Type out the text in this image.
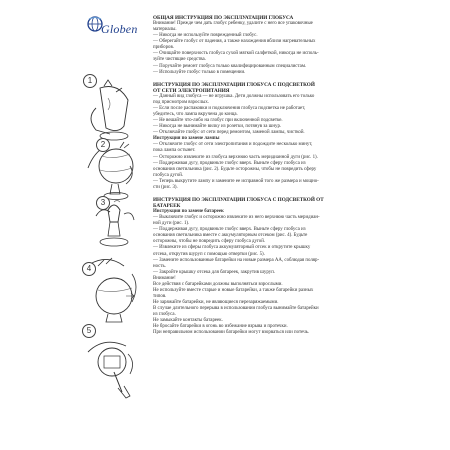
Globen
1
2
3
4
5

ОБЩАЯ ИНСТРУКЦИЯ ПО ЭКСПЛУАТАЦИИ ГЛОБУСА

Внимание! Прежде чем дать глобус ребенку, удалите с него все упаковочные

материалы.

— Никогда не используйте поврежденный глобус.

— Оберегайте глобус от падения, а также нахождения вблизи нагревательных

приборов.

— Очищайте поверхность глобуса сухой мягкой салфеткой, никогда не исполь-

зуйте чистящие средства.

— Поручайте ремонт глобуса только квалифицированным специалистам.

— Используйте глобус только в помещении.

ИНСТРУКЦИЯ ПО ЭКСПЛУАТАЦИИ ГЛОБУСА С ПОДСВЕТКОЙ

ОТ СЕТИ ЭЛЕКТРОПИТАНИЯ

— Данный вид глобуса — не игрушка. Дети должны использовать его только

под присмотром взрослых.

— Если после распаковки и подключения глобуса подсветка не работает,

убедитесь, что лампа вкручена до конца.

— Не вешайте что-либо на глобус при включенной подсветке.

— Никогда не вынимайте вилку из розетки, потянув за шнур.

— Отключайте глобус от сети перед ремонтом, заменой лампы, чисткой.

Инструкция по замене лампы

— Отключите глобус от сети электропитания и подождите несколько минут,

пока лампа остынет.

— Осторожно извлеките из глобуса верхнюю часть меридианной дуги (рис. 1).

— Поддерживая дугу, продвиньте глобус вверх. Выньте сферу глобуса из

основания светильника (рис. 2). Будьте осторожны, чтобы не повредить сферу

глобуса дугой.

— Теперь выкрутите лампу и замените ее исправной того же размера и мощно-

сти (рис. 3).

ИНСТРУКЦИЯ ПО ЭКСПЛУАТАЦИИ ГЛОБУСА С ПОДСВЕТКОЙ ОТ

БАТАРЕЕК

Инструкция по замене батареек

— Выключите глобус и осторожно извлеките из него верхнюю часть меридиан-

ной дуги (рис. 1).

— Поддерживая дугу, продвиньте глобус вверх. Выньте сферу глобуса из

основания светильника вместе с аккумуляторным отсеком (рис. 4). Будьте

осторожны, чтобы не повредить сферу глобуса дугой.

— Извлеките из сферы глобуса аккумуляторный отсек и открутите крышку

отсека, открутив шуруп с помощью отвертки (рис. 5).

— Замените использованные батарейки на новые размера АА, соблюдая поляр-

ность.

— Закройте крышку отсека для батареек, закрутив шуруп.

Внимание!

Все действия с батарейками должны выполняться взрослыми.

Не используйте вместе старые и новые батарейки, а также батарейки разных

типов.

Не заряжайте батарейки, не являющиеся перезаряжаемыми.

В случае длительного перерыва в использовании глобуса вынимайте батарейки

из глобуса.

Не замыкайте контакты батареек.

Не бросайте батарейки в огонь во избежание взрыва и протечки.

При неправильном использовании батарейки могут взорваться или потечь.
